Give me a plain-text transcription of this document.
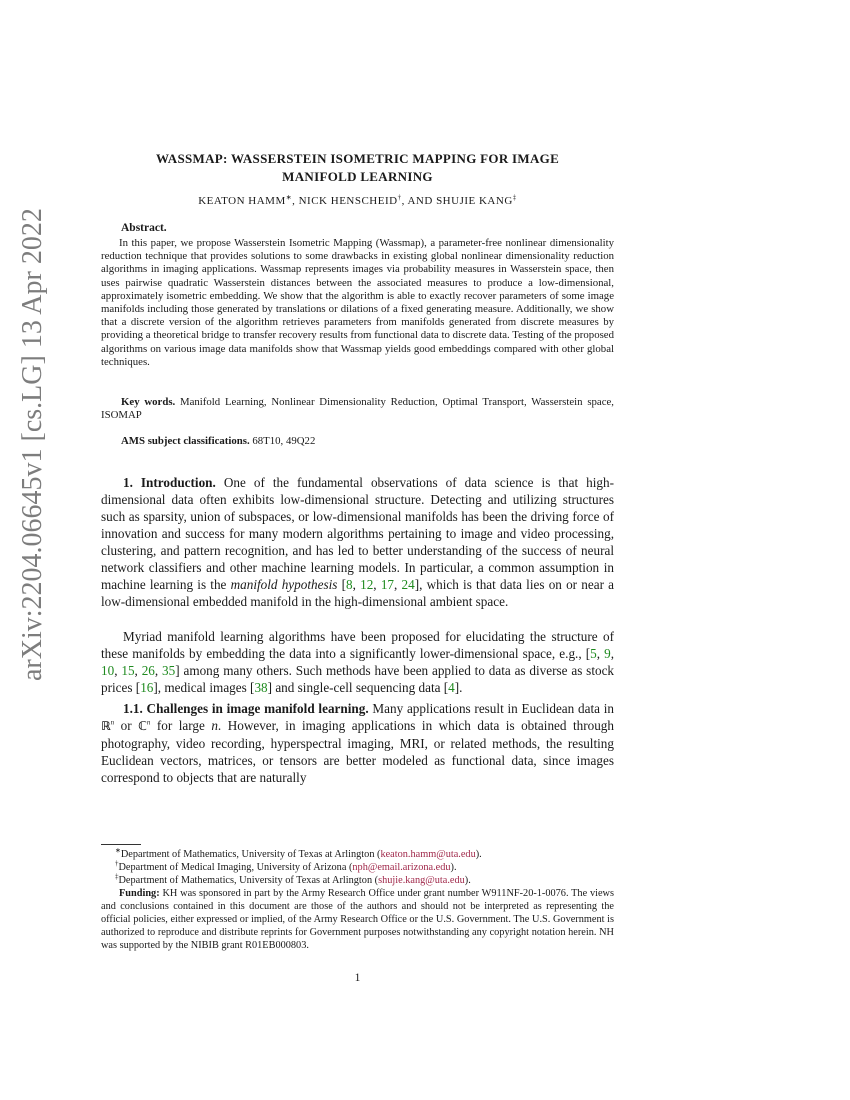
arXiv:2204.06645v1 [cs.LG] 13 Apr 2022
WASSMAP: WASSERSTEIN ISOMETRIC MAPPING FOR IMAGE
MANIFOLD LEARNING
KEATON HAMM∗, NICK HENSCHEID†, AND SHUJIE KANG‡
Abstract.
In this paper, we propose Wasserstein Isometric Mapping (Wassmap), a parameter-free nonlinear dimensionality reduction technique that provides solutions to some drawbacks in existing global nonlinear dimensionality reduction algorithms in imaging applications. Wassmap represents images via probability measures in Wasserstein space, then uses pairwise quadratic Wasserstein distances between the associated measures to produce a low-dimensional, approximately isometric embedding. We show that the algorithm is able to exactly recover parameters of some image manifolds including those generated by translations or dilations of a fixed generating measure. Additionally, we show that a discrete version of the algorithm retrieves parameters from manifolds generated from discrete measures by providing a theoretical bridge to transfer recovery results from functional data to discrete data. Testing of the proposed algorithms on various image data manifolds show that Wassmap yields good embeddings compared with other global techniques.
Key words. Manifold Learning, Nonlinear Dimensionality Reduction, Optimal Transport, Wasserstein space, ISOMAP
AMS subject classifications. 68T10, 49Q22
1. Introduction. One of the fundamental observations of data science is that high-dimensional data often exhibits low-dimensional structure. Detecting and utilizing structures such as sparsity, union of subspaces, or low-dimensional manifolds has been the driving force of innovation and success for many modern algorithms pertaining to image and video processing, clustering, and pattern recognition, and has led to better understanding of the success of neural network classifiers and other machine learning models. In particular, a common assumption in machine learning is the manifold hypothesis [8, 12, 17, 24], which is that data lies on or near a low-dimensional embedded manifold in the high-dimensional ambient space.
Myriad manifold learning algorithms have been proposed for elucidating the structure of these manifolds by embedding the data into a significantly lower-dimensional space, e.g., [5, 9, 10, 15, 26, 35] among many others. Such methods have been applied to data as diverse as stock prices [16], medical images [38] and single-cell sequencing data [4].
1.1. Challenges in image manifold learning. Many applications result in Euclidean data in ℝ$^n$ or ℂ$^n$ for large n. However, in imaging applications in which data is obtained through photography, video recording, hyperspectral imaging, MRI, or related methods, the resulting Euclidean vectors, matrices, or tensors are better modeled as functional data, since images correspond to objects that are naturally
∗Department of Mathematics, University of Texas at Arlington (keaton.hamm@uta.edu).
†Department of Medical Imaging, University of Arizona (nph@email.arizona.edu).
‡Department of Mathematics, University of Texas at Arlington (shujie.kang@uta.edu).
Funding: KH was sponsored in part by the Army Research Office under grant number W911NF-20-1-0076. The views and conclusions contained in this document are those of the authors and should not be interpreted as representing the official policies, either expressed or implied, of the Army Research Office or the U.S. Government. The U.S. Government is authorized to reproduce and distribute reprints for Government purposes notwithstanding any copyright notation herein. NH was supported by the NIBIB grant R01EB000803.
1
